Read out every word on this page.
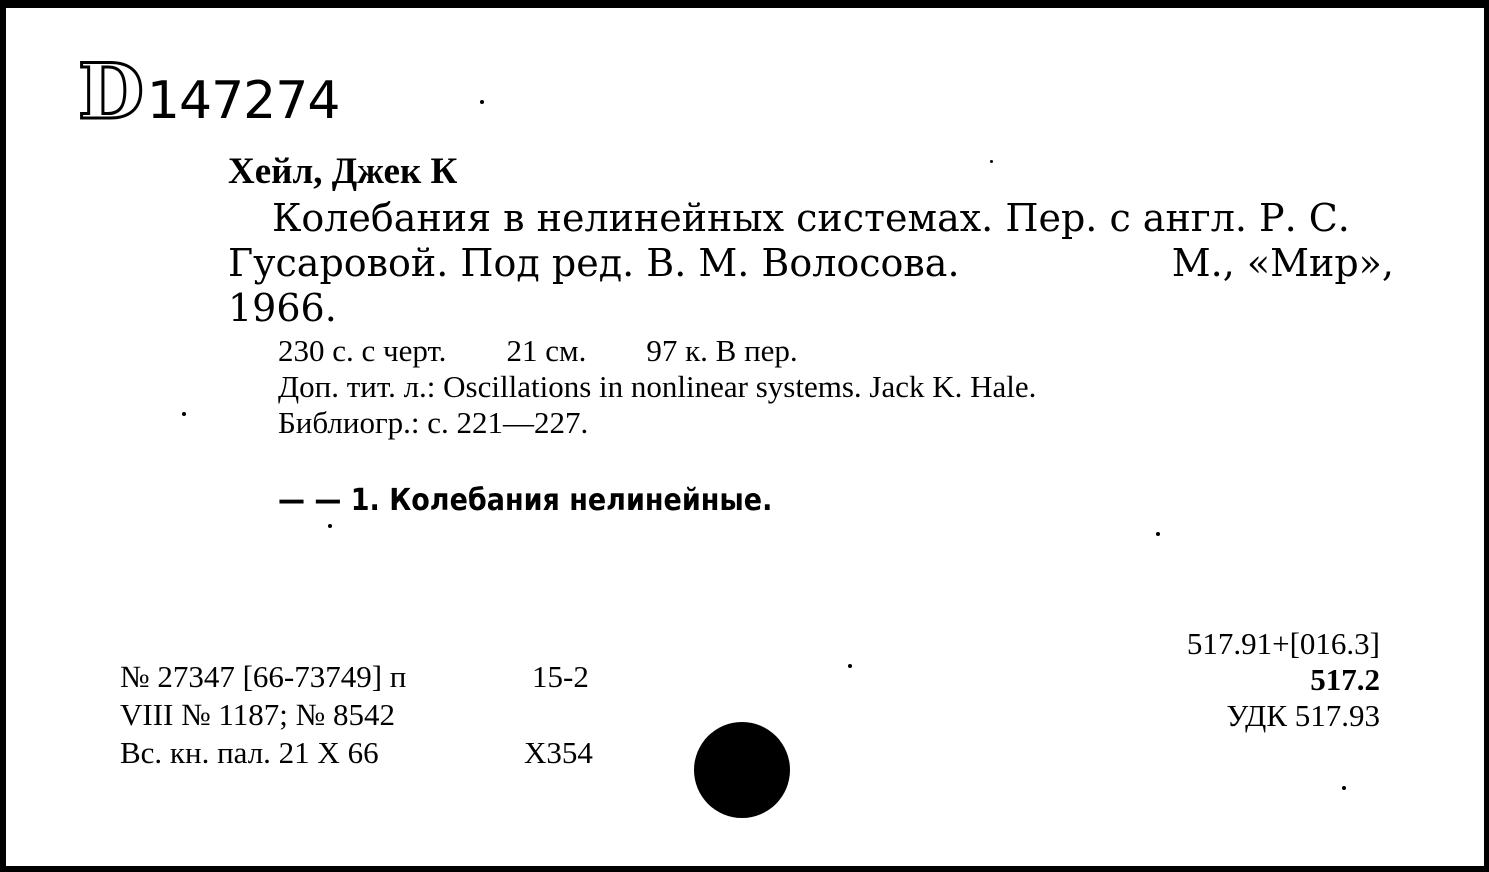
D147274
Хейл, Джек К
Колебания в нелинейных системах. Пер. с англ. Р. С.
Гусаровой. Под ред. В. М. Волосова.	М., «Мир»,
1966.
230 с. с черт. 21 см. 97 к. В пер.
Доп. тит. л.: Oscillations in nonlinear systems. Jack K. Hale.
Библиогр.: с. 221—227.
— — 1. Колебания нелинейные.
№ 27347 [66-73749] п	15-2
VIII № 1187; № 8542
Вс. кн. пал. 21 X 66	Х354
517.91+[016.3]
517.2
УДК 517.93
